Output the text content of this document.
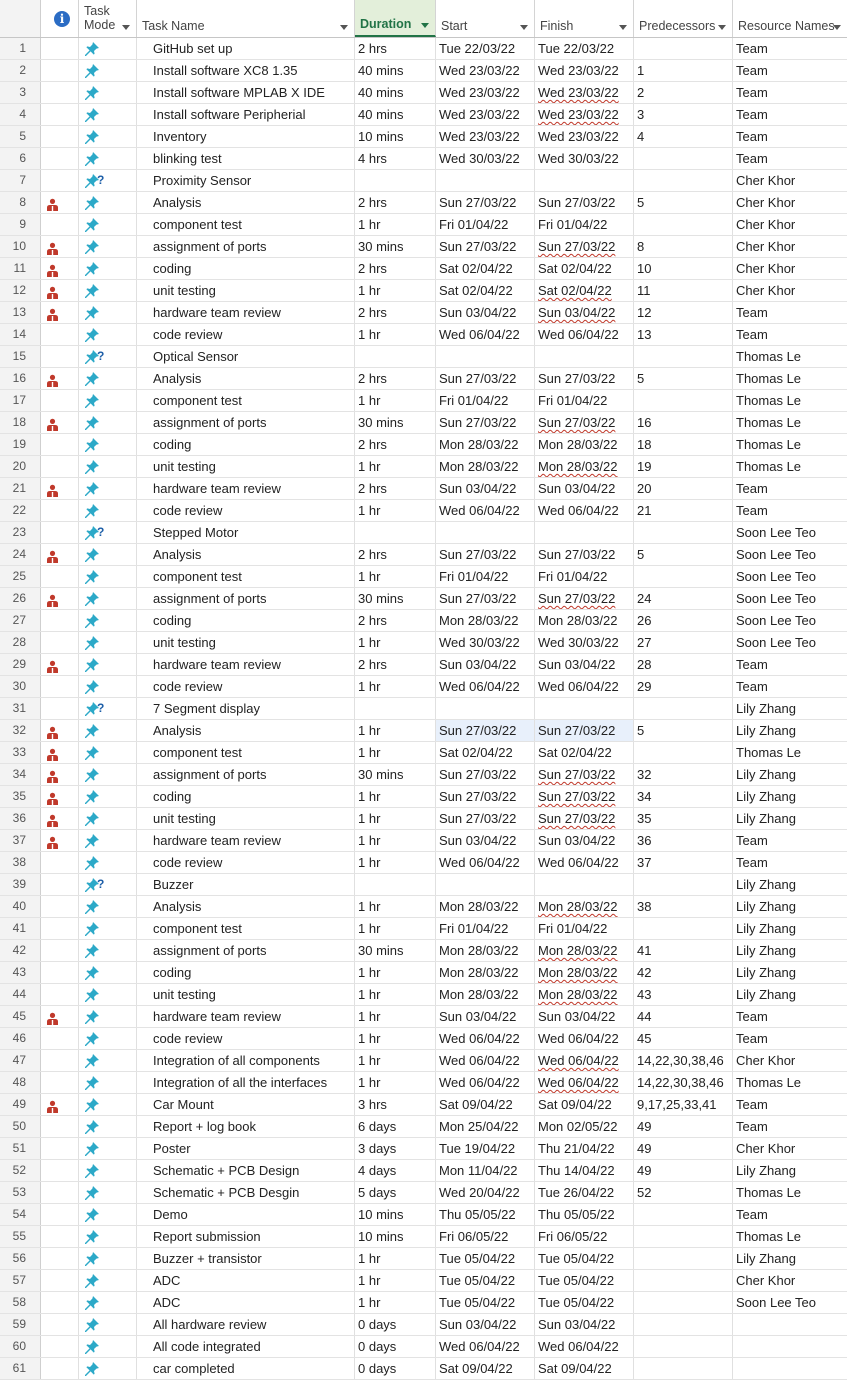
i
Task Mode Task Name	Duration Start	Finish	Predecessors Resource Names
1	GitHub set up	2 hrs	Tue 22/03/22	Tue 22/03/22	Team
2	Install software XC8 1.35	40 mins	Wed 23/03/22	Wed 23/03/22	1	Team
3	Install software MPLAB X IDE	40 mins	Wed 23/03/22	Wed 23/03/22	2	Team
4	Install software Peripherial	40 mins	Wed 23/03/22	Wed 23/03/22	3	Team
5	Inventory	10 mins	Wed 23/03/22	Wed 23/03/22	4	Team
6	blinking test	4 hrs	Wed 30/03/22	Wed 30/03/22	Team
7	?	Proximity Sensor	Cher Khor
8	Analysis	2 hrs	Sun 27/03/22	Sun 27/03/22	5	Cher Khor
9	component test	1 hr	Fri 01/04/22	Fri 01/04/22	Cher Khor
10	assignment of ports	30 mins	Sun 27/03/22	Sun 27/03/22	8	Cher Khor
11	coding	2 hrs	Sat 02/04/22	Sat 02/04/22	10	Cher Khor
12	unit testing	1 hr	Sat 02/04/22	Sat 02/04/22	11	Cher Khor
13	hardware team review	2 hrs	Sun 03/04/22	Sun 03/04/22	12	Team
14	code review	1 hr	Wed 06/04/22	Wed 06/04/22	13	Team
15	?	Optical Sensor	Thomas Le
16	Analysis	2 hrs	Sun 27/03/22	Sun 27/03/22	5	Thomas Le
17	component test	1 hr	Fri 01/04/22	Fri 01/04/22	Thomas Le
18	assignment of ports	30 mins	Sun 27/03/22	Sun 27/03/22	16	Thomas Le
19	coding	2 hrs	Mon 28/03/22	Mon 28/03/22	18	Thomas Le
20	unit testing	1 hr	Mon 28/03/22	Mon 28/03/22	19	Thomas Le
21	hardware team review	2 hrs	Sun 03/04/22	Sun 03/04/22	20	Team
22	code review	1 hr	Wed 06/04/22	Wed 06/04/22	21	Team
23	?	Stepped Motor	Soon Lee Teo
24	Analysis	2 hrs	Sun 27/03/22	Sun 27/03/22	5	Soon Lee Teo
25	component test	1 hr	Fri 01/04/22	Fri 01/04/22	Soon Lee Teo
26	assignment of ports	30 mins	Sun 27/03/22	Sun 27/03/22	24	Soon Lee Teo
27	coding	2 hrs	Mon 28/03/22	Mon 28/03/22	26	Soon Lee Teo
28	unit testing	1 hr	Wed 30/03/22	Wed 30/03/22	27	Soon Lee Teo
29	hardware team review	2 hrs	Sun 03/04/22	Sun 03/04/22	28	Team
30	code review	1 hr	Wed 06/04/22	Wed 06/04/22	29	Team
31	?	7 Segment display	Lily Zhang
32	Analysis	1 hr	Sun 27/03/22	Sun 27/03/22	5	Lily Zhang
33	component test	1 hr	Sat 02/04/22	Sat 02/04/22	Thomas Le
34	assignment of ports	30 mins	Sun 27/03/22	Sun 27/03/22	32	Lily Zhang
35	coding	1 hr	Sun 27/03/22	Sun 27/03/22	34	Lily Zhang
36	unit testing	1 hr	Sun 27/03/22	Sun 27/03/22	35	Lily Zhang
37	hardware team review	1 hr	Sun 03/04/22	Sun 03/04/22	36	Team
38	code review	1 hr	Wed 06/04/22	Wed 06/04/22	37	Team
39	?	Buzzer	Lily Zhang
40	Analysis	1 hr	Mon 28/03/22	Mon 28/03/22	38	Lily Zhang
41	component test	1 hr	Fri 01/04/22	Fri 01/04/22	Lily Zhang
42	assignment of ports	30 mins	Mon 28/03/22	Mon 28/03/22	41	Lily Zhang
43	coding	1 hr	Mon 28/03/22	Mon 28/03/22	42	Lily Zhang
44	unit testing	1 hr	Mon 28/03/22	Mon 28/03/22	43	Lily Zhang
45	hardware team review	1 hr	Sun 03/04/22	Sun 03/04/22	44	Team
46	code review	1 hr	Wed 06/04/22	Wed 06/04/22	45	Team
47	Integration of all components	1 hr	Wed 06/04/22	Wed 06/04/22	14,22,30,38,46 Cher Khor
48	Integration of all the interfaces	1 hr	Wed 06/04/22	Wed 06/04/22	14,22,30,38,46 Thomas Le
49	Car Mount	3 hrs	Sat 09/04/22	Sat 09/04/22	9,17,25,33,41	Team
50	Report + log book	6 days	Mon 25/04/22	Mon 02/05/22	49	Team
51	Poster	3 days	Tue 19/04/22	Thu 21/04/22	49	Cher Khor
52	Schematic + PCB Design	4 days	Mon 11/04/22	Thu 14/04/22	49	Lily Zhang
53	Schematic + PCB Desgin	5 days	Wed 20/04/22	Tue 26/04/22	52	Thomas Le
54	Demo	10 mins	Thu 05/05/22	Thu 05/05/22	Team
55	Report submission	10 mins	Fri 06/05/22	Fri 06/05/22	Thomas Le
56	Buzzer + transistor	1 hr	Tue 05/04/22	Tue 05/04/22	Lily Zhang
57	ADC	1 hr	Tue 05/04/22	Tue 05/04/22	Cher Khor
58	ADC	1 hr	Tue 05/04/22	Tue 05/04/22	Soon Lee Teo
59	All hardware review	0 days	Sun 03/04/22	Sun 03/04/22
60	All code integrated	0 days	Wed 06/04/22	Wed 06/04/22
61	car completed	0 days	Sat 09/04/22	Sat 09/04/22
